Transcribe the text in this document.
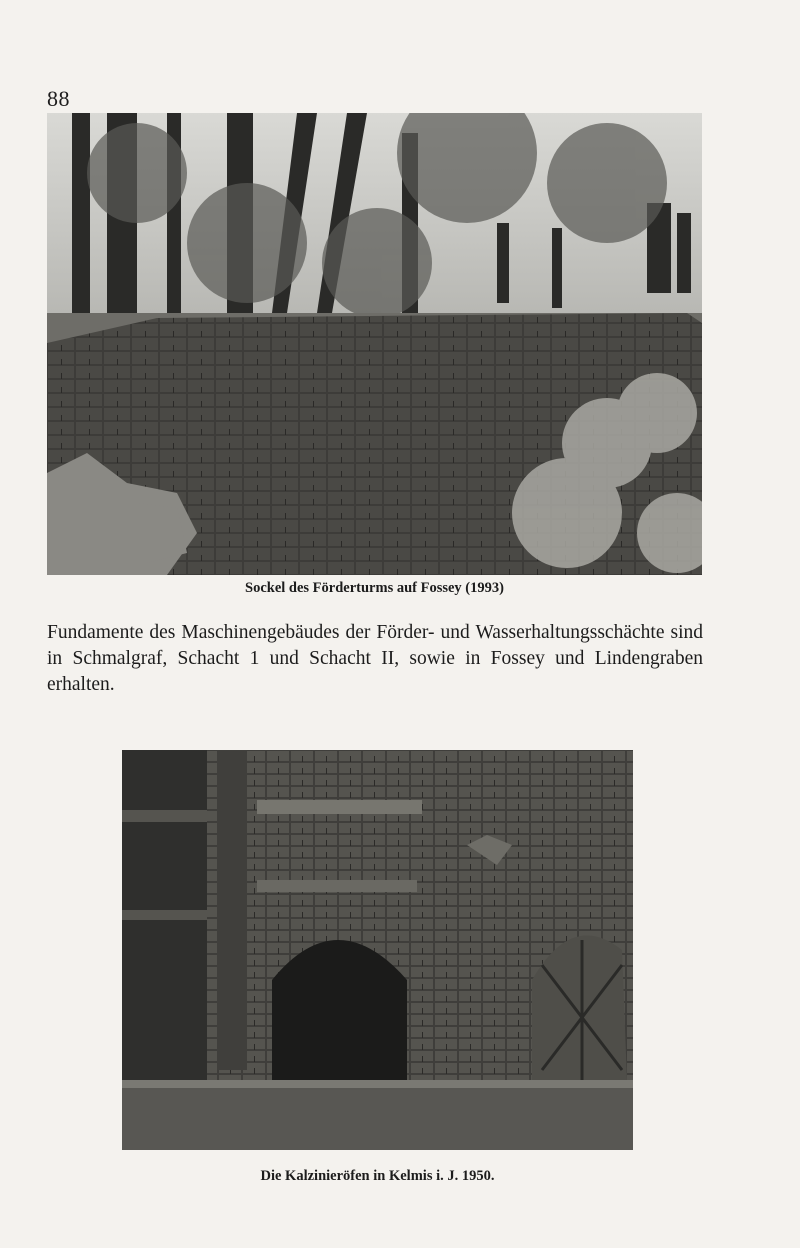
88
Sockel des Förderturms auf Fossey (1993)
Fundamente des Maschinengebäudes der Förder- und Wasserhaltungsschächte sind in Schmalgraf, Schacht 1 und Schacht II, sowie in Fossey und Lindengraben erhalten.
Die Kalzinieröfen in Kelmis i. J. 1950.
